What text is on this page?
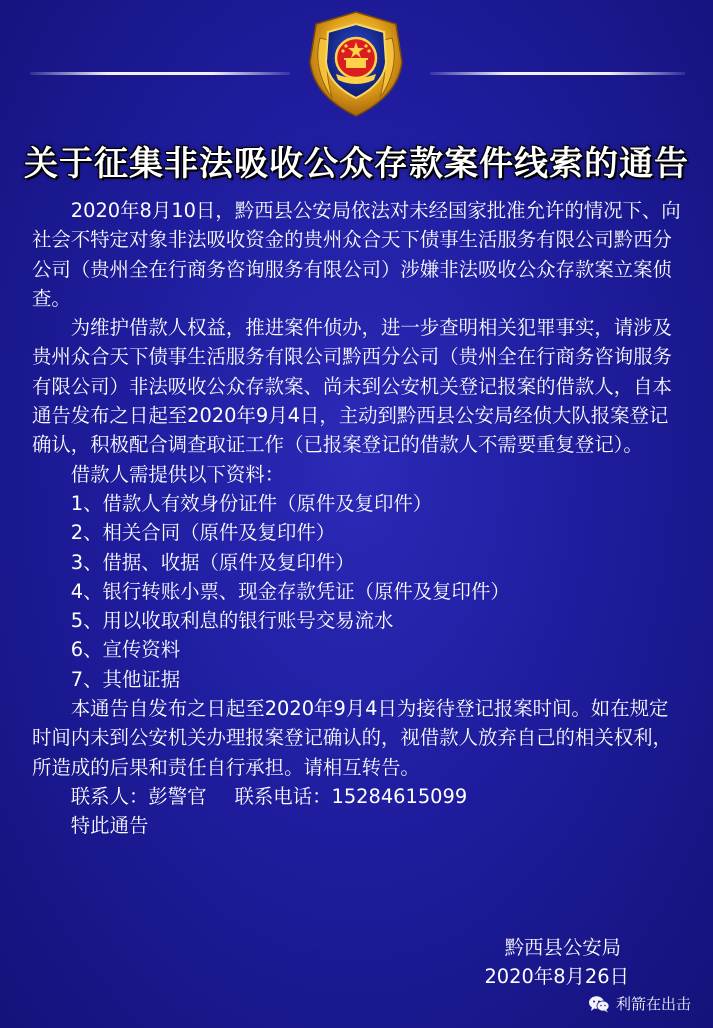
关于征集非法吸收公众存款案件线索的通告

2020年8月10日，黔西县公安局依法对未经国家批准允许的情况下、向社会不特定对象非法吸收资金的贵州众合天下债事生活服务有限公司黔西分公司（贵州全在行商务咨询服务有限公司）涉嫌非法吸收公众存款案立案侦查。

为维护借款人权益，推进案件侦办，进一步查明相关犯罪事实，请涉及贵州众合天下债事生活服务有限公司黔西分公司（贵州全在行商务咨询服务有限公司）非法吸收公众存款案、尚未到公安机关登记报案的借款人，自本通告发布之日起至2020年9月4日，主动到黔西县公安局经侦大队报案登记确认，积极配合调查取证工作（已报案登记的借款人不需要重复登记）。

借款人需提供以下资料：

1、借款人有效身份证件（原件及复印件）

2、相关合同（原件及复印件）

3、借据、收据（原件及复印件）

4、银行转账小票、现金存款凭证（原件及复印件）

5、用以收取利息的银行账号交易流水

6、宣传资料

7、其他证据

本通告自发布之日起至2020年9月4日为接待登记报案时间。如在规定时间内未到公安机关办理报案登记确认的，视借款人放弃自己的相关权利，所造成的后果和责任自行承担。请相互转告。

联系人：彭警官 联系电话：15284615099

特此通告

黔西县公安局
2020年8月26日
利箭在出击
